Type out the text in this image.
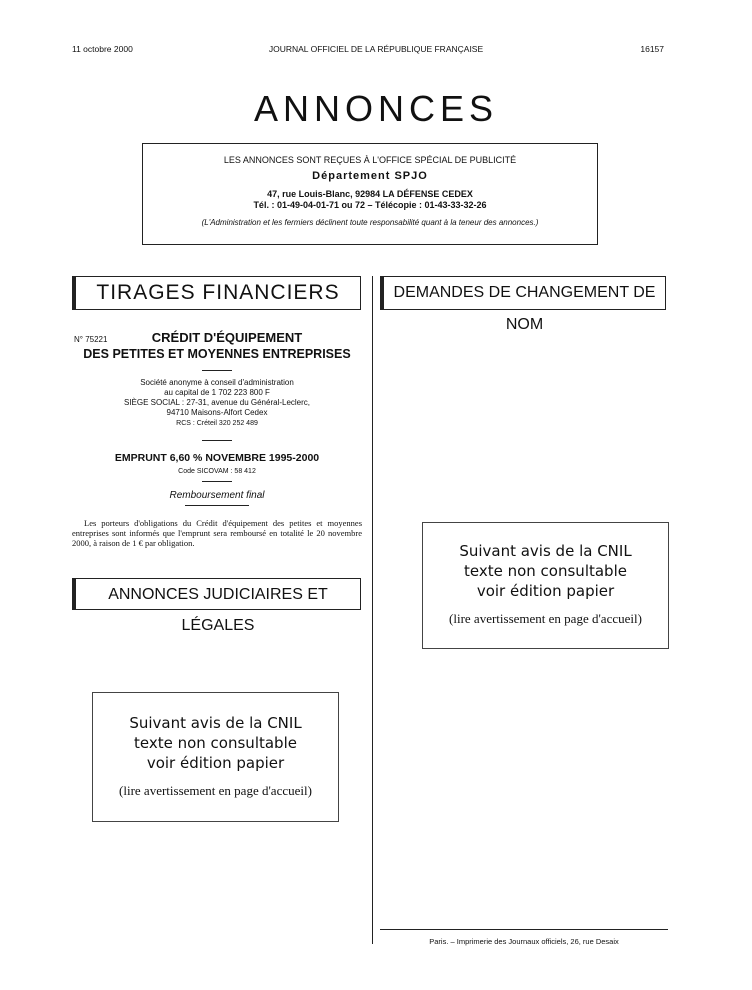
11 octobre 2000	JOURNAL OFFICIEL DE LA RÉPUBLIQUE FRANÇAISE	16157
ANNONCES
LES ANNONCES SONT REÇUES À L'OFFICE SPÉCIAL DE PUBLICITÉ
Département SPJO
47, rue Louis-Blanc, 92984 LA DÉFENSE CEDEX
Tél. : 01-49-04-01-71 ou 72 – Télécopie : 01-43-33-32-26
(L'Administration et les fermiers déclinent toute responsabilité quant à la teneur des annonces.)
TIRAGES FINANCIERS
N° 75221	CRÉDIT D'ÉQUIPEMENT
DES PETITES ET MOYENNES ENTREPRISES
Société anonyme à conseil d'administration
au capital de 1 702 223 800 F
SIÈGE SOCIAL : 27-31, avenue du Général-Leclerc,
94710 Maisons-Alfort Cedex
RCS : Créteil 320 252 489
EMPRUNT 6,60 % NOVEMBRE 1995-2000
Code SICOVAM : 58 412
Remboursement final
Les porteurs d'obligations du Crédit d'équipement des petites et moyennes entreprises sont informés que l'emprunt sera remboursé en totalité le 20 novembre 2000, à raison de 1 € par obligation.
ANNONCES JUDICIAIRES ET LÉGALES
Suivant avis de la CNIL
texte non consultable
voir édition papier
(lire avertissement en page d'accueil)
DEMANDES DE CHANGEMENT DE NOM
Suivant avis de la CNIL
texte non consultable
voir édition papier
(lire avertissement en page d'accueil)
Paris. – Imprimerie des Journaux officiels, 26, rue Desaix
